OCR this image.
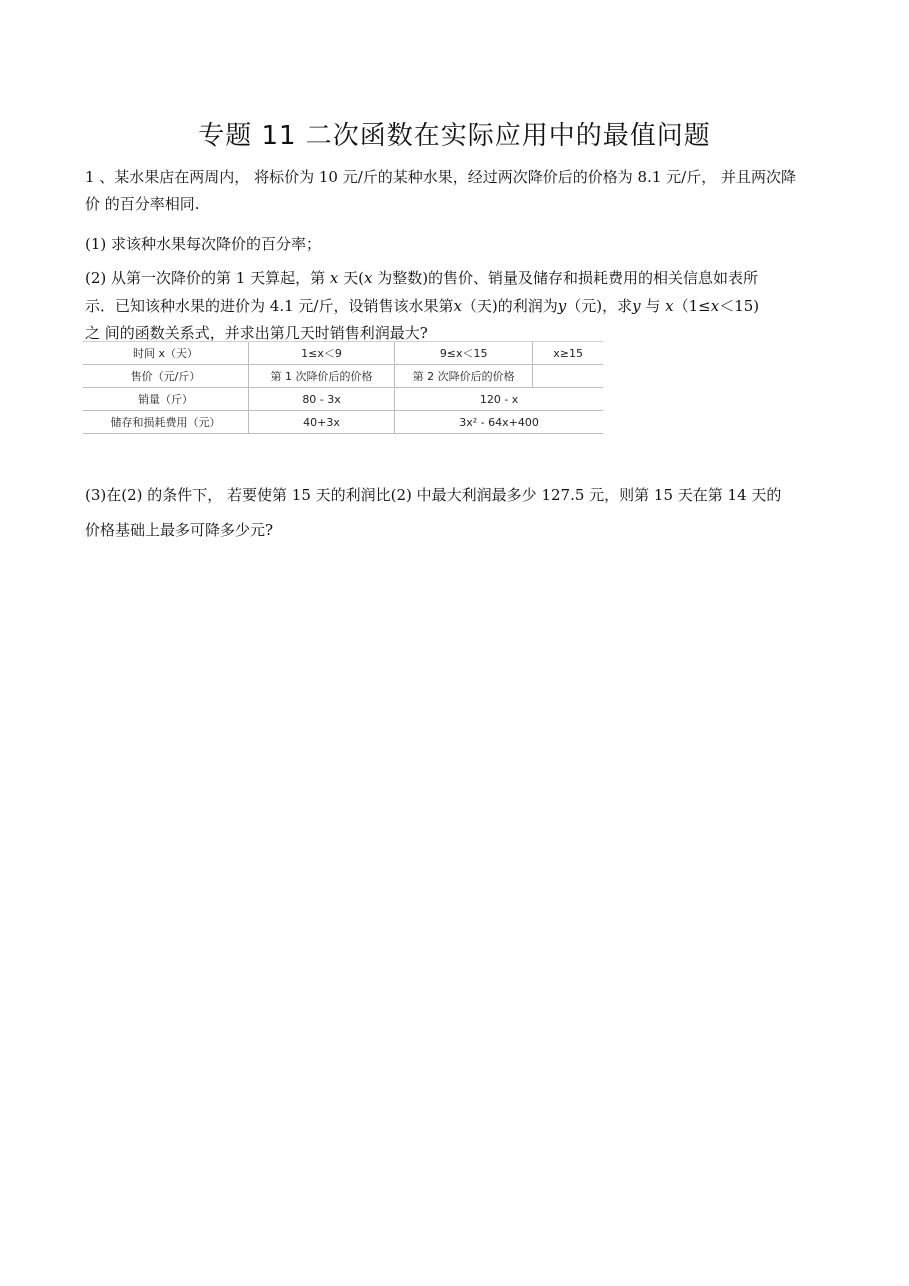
专题 11 二次函数在实际应用中的最值问题
1 、某水果店在两周内， 将标价为 10 元/斤的某种水果，经过两次降价后的价格为 8.1 元/斤， 并且两次降
价 的百分率相同.
(1) 求该种水果每次降价的百分率；
(2) 从第一次降价的第 1 天算起，第 x 天(x 为整数)的售价、销量及储存和损耗费用的相关信息如表所
示．已知该种水果的进价为 4.1 元/斤，设销售该水果第x（天)的利润为y（元)，求y 与 x（1≤x＜15)
之 间的函数关系式，并求出第几天时销售利润最大?
时间 x（天）	1≤x＜9	9≤x＜15	x≥15
售价（元/斤）	第 1 次降价后的价格	第 2 次降价后的价格	
销量（斤）	80 - 3x	120 - x	
储存和损耗费用（元）	40+3x	3x² - 64x+400	
(3)在(2) 的条件下， 若要使第 15 天的利润比(2) 中最大利润最多少 127.5 元，则第 15 天在第 14 天的
价格基础上最多可降多少元?
